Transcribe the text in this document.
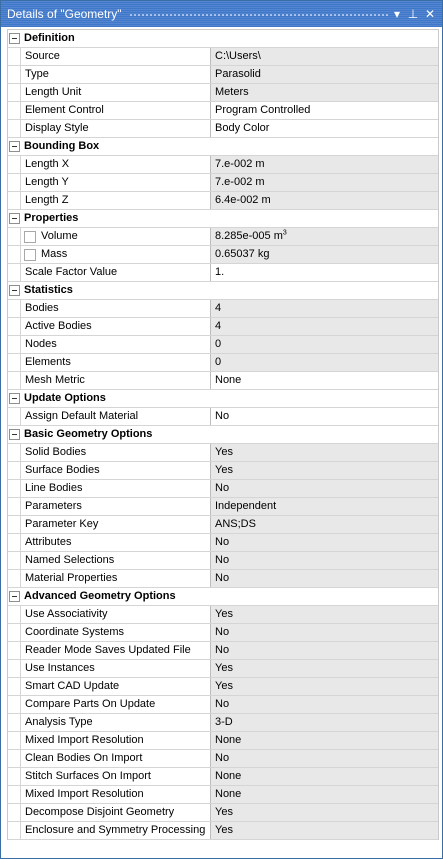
Details of "Geometry"	▾ ⊥ ✕
Definition
Source	C:\Users\
Type	Parasolid
Length Unit	Meters
Element Control	Program Controlled
Display Style	Body Color
Bounding Box
Length X	7.e-002 m
Length Y	7.e-002 m
Length Z	6.4e-002 m
Properties
Volume	8.285e-005 $m^3$
Mass	0.65037 kg
Scale Factor Value	1.
Statistics
Bodies	4
Active Bodies	4
Nodes	0
Elements	0
Mesh Metric	None
Update Options
Assign Default Material	No
Basic Geometry Options
Solid Bodies	Yes
Surface Bodies	Yes
Line Bodies	No
Parameters	Independent
Parameter Key	ANS;DS
Attributes	No
Named Selections	No
Material Properties	No
Advanced Geometry Options
Use Associativity	Yes
Coordinate Systems	No
Reader Mode Saves Updated File	No
Use Instances	Yes
Smart CAD Update	Yes
Compare Parts On Update	No
Analysis Type	3-D
Mixed Import Resolution	None
Clean Bodies On Import	No
Stitch Surfaces On Import	None
Mixed Import Resolution	None
Decompose Disjoint Geometry	Yes
Enclosure and Symmetry Processing Yes
